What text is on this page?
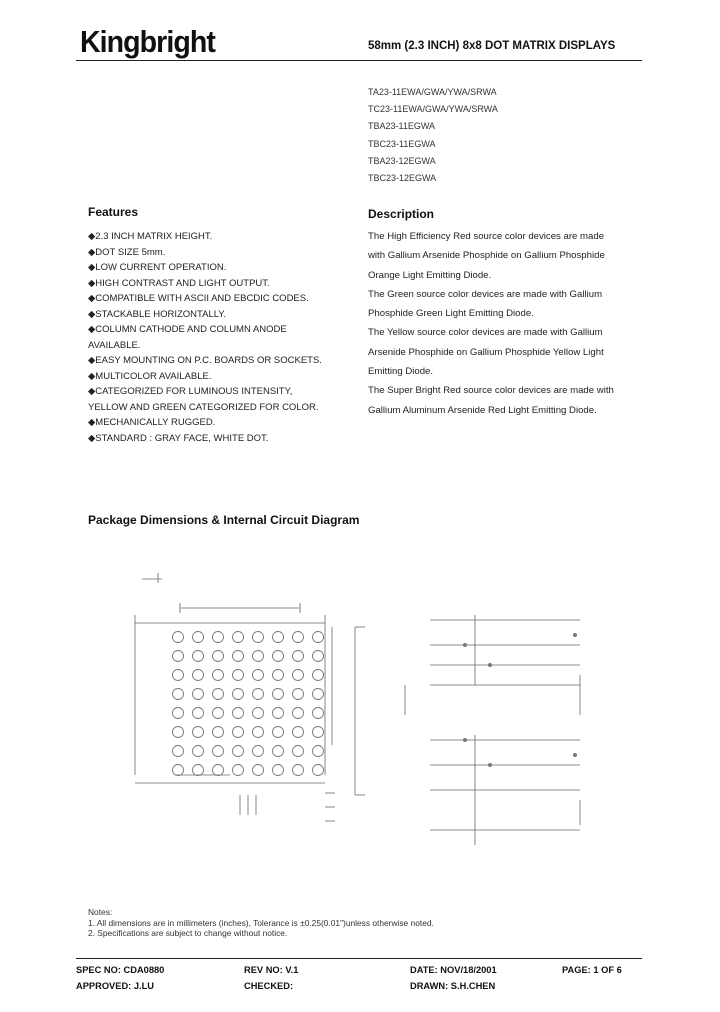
Kingbright	58mm (2.3 INCH) 8x8 DOT MATRIX DISPLAYS
TA23-11EWA/GWA/YWA/SRWA
TC23-11EWA/GWA/YWA/SRWA
TBA23-11EGWA
TBC23-11EGWA
TBA23-12EGWA
TBC23-12EGWA
Features
◆2.3 INCH MATRIX HEIGHT.
◆DOT SIZE 5mm.
◆LOW CURRENT OPERATION.
◆HIGH CONTRAST AND LIGHT OUTPUT.
◆COMPATIBLE WITH ASCII AND EBCDIC CODES.
◆STACKABLE HORIZONTALLY.
◆COLUMN CATHODE AND COLUMN ANODE
AVAILABLE.
◆EASY MOUNTING ON P.C. BOARDS OR SOCKETS.
◆MULTICOLOR AVAILABLE.
◆CATEGORIZED FOR LUMINOUS INTENSITY,
YELLOW AND GREEN CATEGORIZED FOR COLOR.
◆MECHANICALLY RUGGED.
◆STANDARD : GRAY FACE, WHITE DOT.
Description
The High Efficiency Red source color devices are made
with Gallium Arsenide Phosphide on Gallium Phosphide
Orange Light Emitting Diode.
The Green source color devices are made with Gallium
Phosphide Green Light Emitting Diode.
The Yellow source color devices are made with Gallium
Arsenide Phosphide on Gallium Phosphide Yellow Light
Emitting Diode.
The Super Bright Red source color devices are made with
Gallium Aluminum Arsenide Red Light Emitting Diode.
Package Dimensions & Internal Circuit Diagram
Notes:
1. All dimensions are in millimeters (inches), Tolerance is ±0.25(0.01")unless otherwise noted.
2. Specifications are subject to change without notice.
SPEC NO: CDA0880	REV NO: V.1	DATE: NOV/18/2001	PAGE: 1 OF 6
APPROVED: J.LU	CHECKED:	DRAWN: S.H.CHEN
